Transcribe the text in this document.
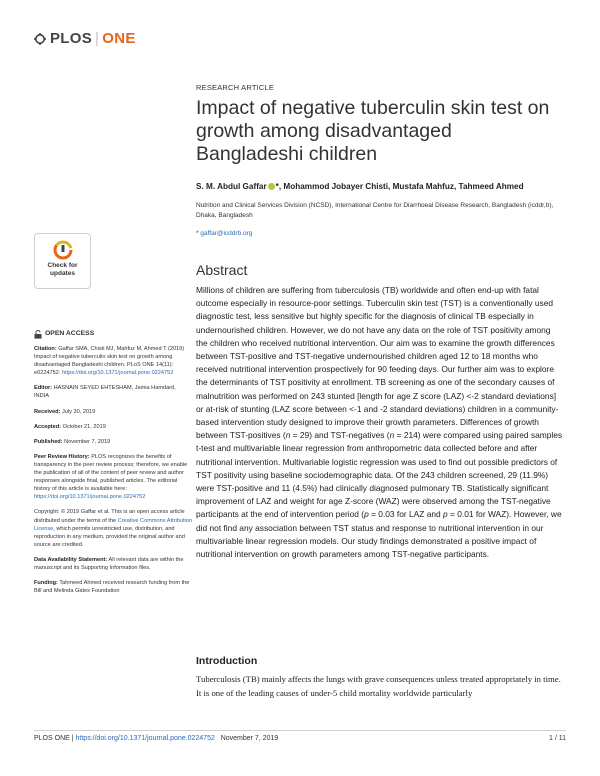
PLOS | ONE
RESEARCH ARTICLE
Impact of negative tuberculin skin test on growth among disadvantaged Bangladeshi children
S. M. Abdul Gaffar *, Mohammod Jobayer Chisti, Mustafa Mahfuz, Tahmeed Ahmed
Nutrition and Clinical Services Division (NCSD), International Centre for Diarrhoeal Disease Research, Bangladesh (icddr,b), Dhaka, Bangladesh
* gaffar@icddrb.org
Check for
updates	Abstract
Millions of children are suffering from tuberculosis (TB) worldwide and often end-up with fatal outcome especially in resource-poor settings. Tuberculin skin test (TST) is a conventionally used diagnostic test, less sensitive but highly specific for the diagnosis of clinical TB especially in undernourished children. However, we do not have any data on the role of TST positivity among the children who received nutritional intervention. Our aim was to examine the growth differences between TST-positive and TST-negative undernourished children aged 12 to 18 months who received nutritional intervention prospectively for 90 feeding days. Our further aim was to explore the determinants of TST positivity at enrollment. TB screening as one of the secondary causes of malnutrition was performed on 243 stunted [length for age Z score (LAZ) <-2 standard deviations] or at-risk of stunting (LAZ score between <-1 and -2 standard deviations) children in a community-based intervention study designed to improve their growth parameters. Differences of growth between TST-positives (n = 29) and TST-negatives (n = 214) were compared using paired samples t-test and multivariable linear regression from anthropometric data collected before and after nutritional intervention. Multivariable logistic regression was used to find out possible predictors of TST positivity using baseline sociodemographic data. Of the 243 children screened, 29 (11.9%) were TST-positive and 11 (4.5%) had clinically diagnosed pulmonary TB. Statistically significant improvement of LAZ and weight for age Z-score (WAZ) were observed among the TST-negative participants at the end of intervention period (p = 0.03 for LAZ and p = 0.01 for WAZ). However, we did not find any association between TST status and response to nutritional intervention in our multivariable linear regression models. Our study findings demonstrated a positive impact of nutritional intervention on growth parameters among TST-negative participants.
Introduction
Tuberculosis (TB) mainly affects the lungs with grave consequences unless treated appropriately in time. It is one of the leading causes of under-5 child mortality worldwide particularly
OPEN ACCESS

Citation: Gaffar SMA, Chisti MJ, Mahfuz M, Ahmed T (2019) Impact of negative tuberculin skin test on growth among disadvantaged Bangladeshi children. PLoS ONE 14(11): e0224752. https://doi.org/10.1371/journal.pone.0224752

Editor: HASNAIN SEYED EHTESHAM, Jamia Hamdard, INDIA

Received: July 30, 2019

Accepted: October 21, 2019

Published: November 7, 2019

Peer Review History: PLOS recognizes the benefits of transparency in the peer review process; therefore, we enable the publication of all of the content of peer review and author responses alongside final, published articles. The editorial history of this article is available here: https://doi.org/10.1371/journal.pone.0224752

Copyright: © 2019 Gaffar et al. This is an open access article distributed under the terms of the Creative Commons Attribution License, which permits unrestricted use, distribution, and reproduction in any medium, provided the original author and source are credited.

Data Availability Statement: All relevant data are within the manuscript and its Supporting Information files.

Funding: Tahmeed Ahmed received research funding from the Bill and Melinda Gates Foundation

PLOS ONE | https://doi.org/10.1371/journal.pone.0224752   November 7, 2019	1 / 11
